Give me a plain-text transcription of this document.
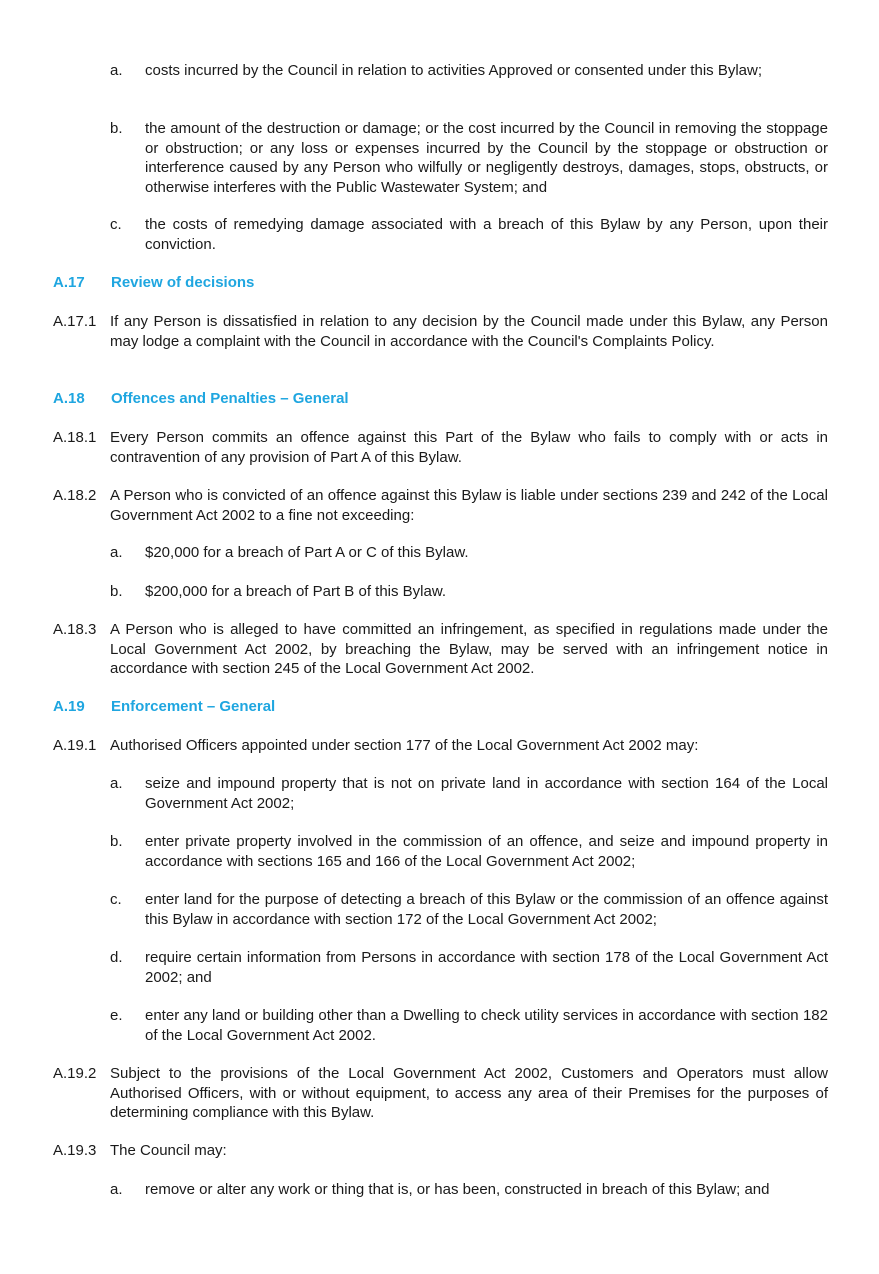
a.	costs incurred by the Council in relation to activities Approved or consented under this Bylaw;
b.	the amount of the destruction or damage; or the cost incurred by the Council in removing the stoppage or obstruction; or any loss or expenses incurred by the Council by the stoppage or obstruction or interference caused by any Person who wilfully or negligently destroys, damages, stops, obstructs, or otherwise interferes with the Public Wastewater System; and
c.	the costs of remedying damage associated with a breach of this Bylaw by any Person, upon their conviction.
A.17 Review of decisions
A.17.1 If any Person is dissatisfied in relation to any decision by the Council made under this Bylaw, any Person may lodge a complaint with the Council in accordance with the Council's Complaints Policy.
A.18 Offences and Penalties – General
A.18.1 Every Person commits an offence against this Part of the Bylaw who fails to comply with or acts in contravention of any provision of Part A of this Bylaw.
A.18.2 A Person who is convicted of an offence against this Bylaw is liable under sections 239 and 242 of the Local Government Act 2002 to a fine not exceeding:
a.	$20,000 for a breach of Part A or C of this Bylaw.
b.	$200,000 for a breach of Part B of this Bylaw.
A.18.3 A Person who is alleged to have committed an infringement, as specified in regulations made under the Local Government Act 2002, by breaching the Bylaw, may be served with an infringement notice in accordance with section 245 of the Local Government Act 2002.
A.19 Enforcement – General
A.19.1 Authorised Officers appointed under section 177 of the Local Government Act 2002 may:
a.	seize and impound property that is not on private land in accordance with section 164 of the Local Government Act 2002;
b.	enter private property involved in the commission of an offence, and seize and impound property in accordance with sections 165 and 166 of the Local Government Act 2002;
c.	enter land for the purpose of detecting a breach of this Bylaw or the commission of an offence against this Bylaw in accordance with section 172 of the Local Government Act 2002;
d.	require certain information from Persons in accordance with section 178 of the Local Government Act 2002; and
e.	enter any land or building other than a Dwelling to check utility services in accordance with section 182 of the Local Government Act 2002.
A.19.2 Subject to the provisions of the Local Government Act 2002, Customers and Operators must allow Authorised Officers, with or without equipment, to access any area of their Premises for the purposes of determining compliance with this Bylaw.
A.19.3 The Council may:
a.	remove or alter any work or thing that is, or has been, constructed in breach of this Bylaw; and
